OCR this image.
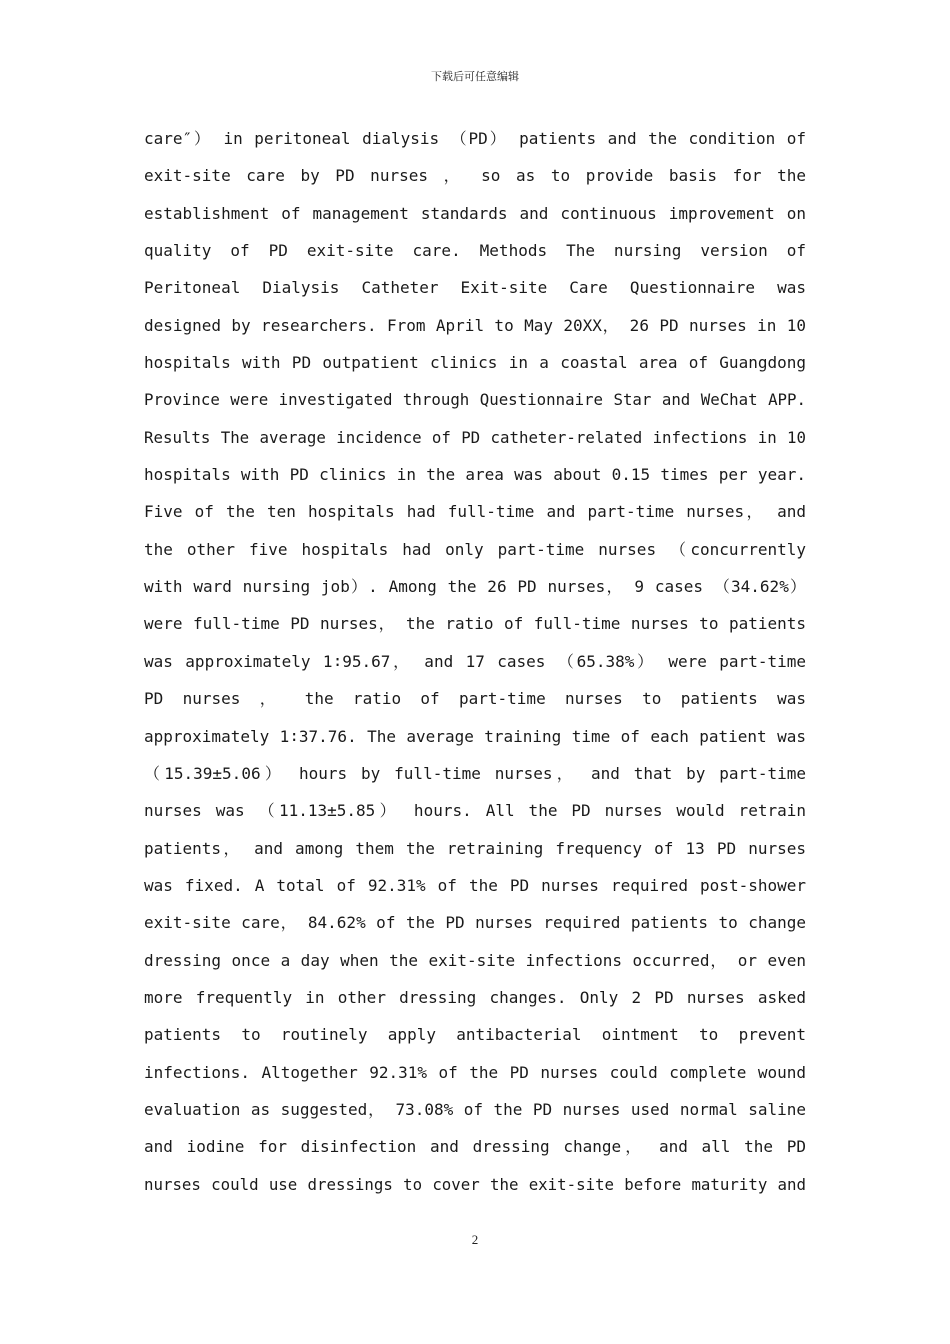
下载后可任意编辑
care″） in peritoneal dialysis （PD） patients and the condition of
exit-site care by PD nurses ， so as to provide basis for the
establishment of management standards and continuous improvement on
quality of PD exit-site care. Methods The nursing version of
Peritoneal Dialysis Catheter Exit-site Care Questionnaire was
designed by researchers. From April to May 20XX， 26 PD nurses in 10
hospitals with PD outpatient clinics in a coastal area of Guangdong
Province were investigated through Questionnaire Star and WeChat APP.
Results The average incidence of PD catheter-related infections in 10
hospitals with PD clinics in the area was about 0.15 times per year.
Five of the ten hospitals had full-time and part-time nurses， and
the other five hospitals had only part-time nurses （concurrently
with ward nursing job）. Among the 26 PD nurses， 9 cases （34.62%）
were full-time PD nurses， the ratio of full-time nurses to patients
was approximately 1∶95.67， and 17 cases （65.38%） were part-time
PD nurses ， the ratio of part-time nurses to patients was
approximately 1∶37.76. The average training time of each patient was
（15.39±5.06） hours by full-time nurses， and that by part-time
nurses was （11.13±5.85） hours. All the PD nurses would retrain
patients， and among them the retraining frequency of 13 PD nurses
was fixed. A total of 92.31% of the PD nurses required post-shower
exit-site care， 84.62% of the PD nurses required patients to change
dressing once a day when the exit-site infections occurred， or even
more frequently in other dressing changes. Only 2 PD nurses asked
patients to routinely apply antibacterial ointment to prevent
infections. Altogether 92.31% of the PD nurses could complete wound
evaluation as suggested， 73.08% of the PD nurses used normal saline
and iodine for disinfection and dressing change， and all the PD
nurses could use dressings to cover the exit-site before maturity and
2
